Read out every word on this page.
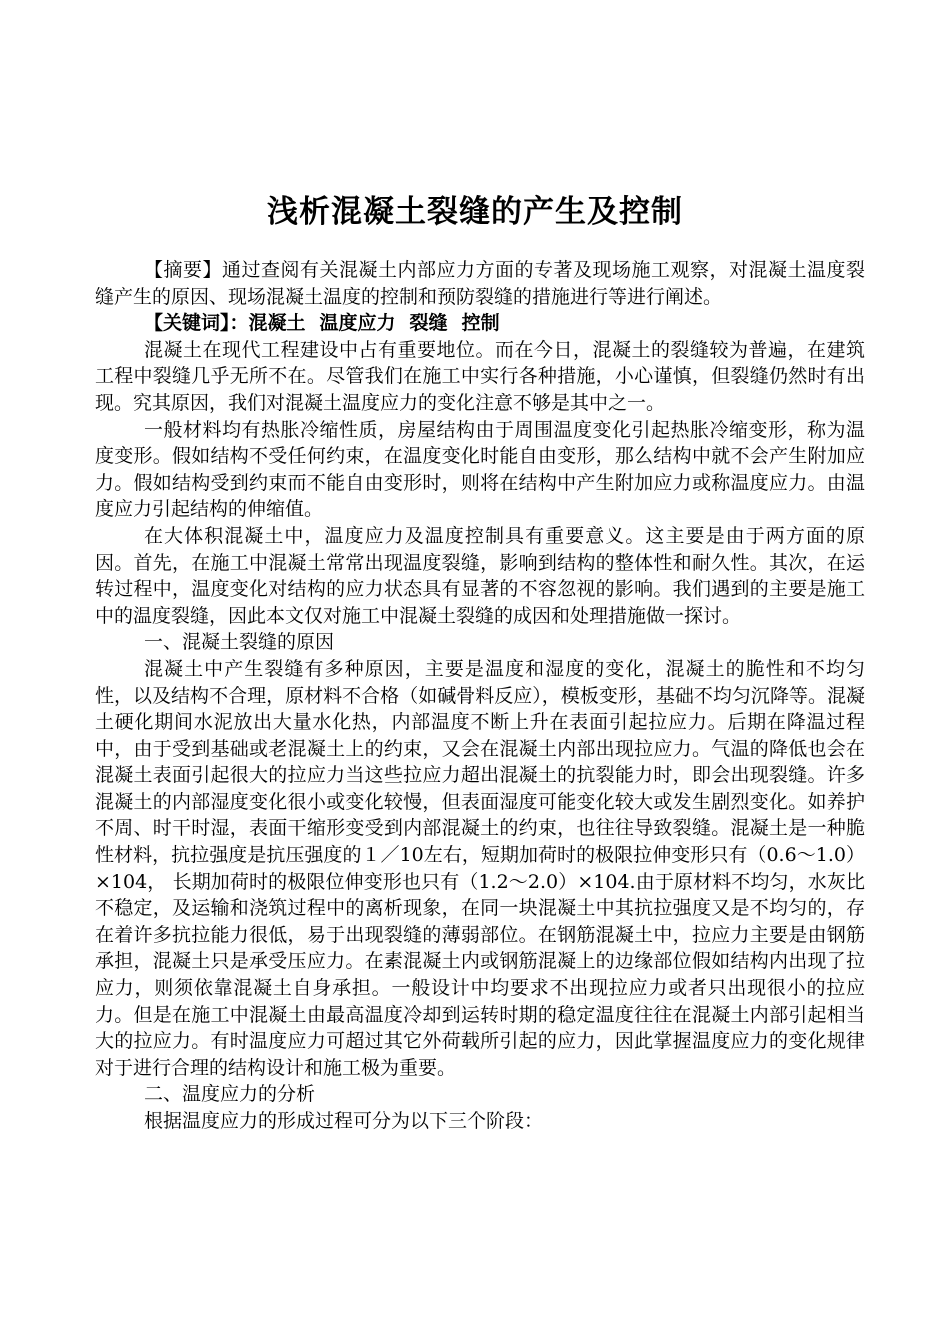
浅析混凝土裂缝的产生及控制

【摘要】通过查阅有关混凝土内部应力方面的专著及现场施工观察，对混凝土温度裂缝产生的原因、现场混凝土温度的控制和预防裂缝的措施进行等进行阐述。

【关键词】：混凝土 温度应力 裂缝 控制

混凝土在现代工程建设中占有重要地位。而在今日，混凝土的裂缝较为普遍，在建筑工程中裂缝几乎无所不在。尽管我们在施工中实行各种措施，小心谨慎，但裂缝仍然时有出现。究其原因，我们对混凝土温度应力的变化注意不够是其中之一。

一般材料均有热胀冷缩性质，房屋结构由于周围温度变化引起热胀冷缩变形，称为温度变形。假如结构不受任何约束，在温度变化时能自由变形，那么结构中就不会产生附加应力。假如结构受到约束而不能自由变形时，则将在结构中产生附加应力或称温度应力。由温度应力引起结构的伸缩值。

在大体积混凝土中，温度应力及温度控制具有重要意义。这主要是由于两方面的原因。首先，在施工中混凝土常常出现温度裂缝，影响到结构的整体性和耐久性。其次，在运转过程中，温度变化对结构的应力状态具有显著的不容忽视的影响。我们遇到的主要是施工中的温度裂缝，因此本文仅对施工中混凝土裂缝的成因和处理措施做一探讨。

一、混凝土裂缝的原因

混凝土中产生裂缝有多种原因，主要是温度和湿度的变化，混凝土的脆性和不均匀性，以及结构不合理，原材料不合格（如碱骨料反应），模板变形，基础不均匀沉降等。混凝土硬化期间水泥放出大量水化热，内部温度不断上升在表面引起拉应力。后期在降温过程中，由于受到基础或老混凝土上的约束，又会在混凝土内部出现拉应力。气温的降低也会在混凝土表面引起很大的拉应力当这些拉应力超出混凝土的抗裂能力时，即会出现裂缝。许多混凝土的内部湿度变化很小或变化较慢，但表面湿度可能变化较大或发生剧烈变化。如养护不周、时干时湿，表面干缩形变受到内部混凝土的约束，也往往导致裂缝。混凝土是一种脆性材料，抗拉强度是抗压强度的１／10左右，短期加荷时的极限拉伸变形只有（0.6～1.0）×104， 长期加荷时的极限位伸变形也只有（1.2～2.0）×104.由于原材料不均匀，水灰比不稳定，及运输和浇筑过程中的离析现象，在同一块混凝土中其抗拉强度又是不均匀的，存在着许多抗拉能力很低，易于出现裂缝的薄弱部位。在钢筋混凝土中，拉应力主要是由钢筋承担，混凝土只是承受压应力。在素混凝土内或钢筋混凝上的边缘部位假如结构内出现了拉应力，则须依靠混凝土自身承担。一般设计中均要求不出现拉应力或者只出现很小的拉应力。但是在施工中混凝土由最高温度冷却到运转时期的稳定温度往往在混凝土内部引起相当大的拉应力。有时温度应力可超过其它外荷载所引起的应力，因此掌握温度应力的变化规律对于进行合理的结构设计和施工极为重要。

二、温度应力的分析

根据温度应力的形成过程可分为以下三个阶段：
